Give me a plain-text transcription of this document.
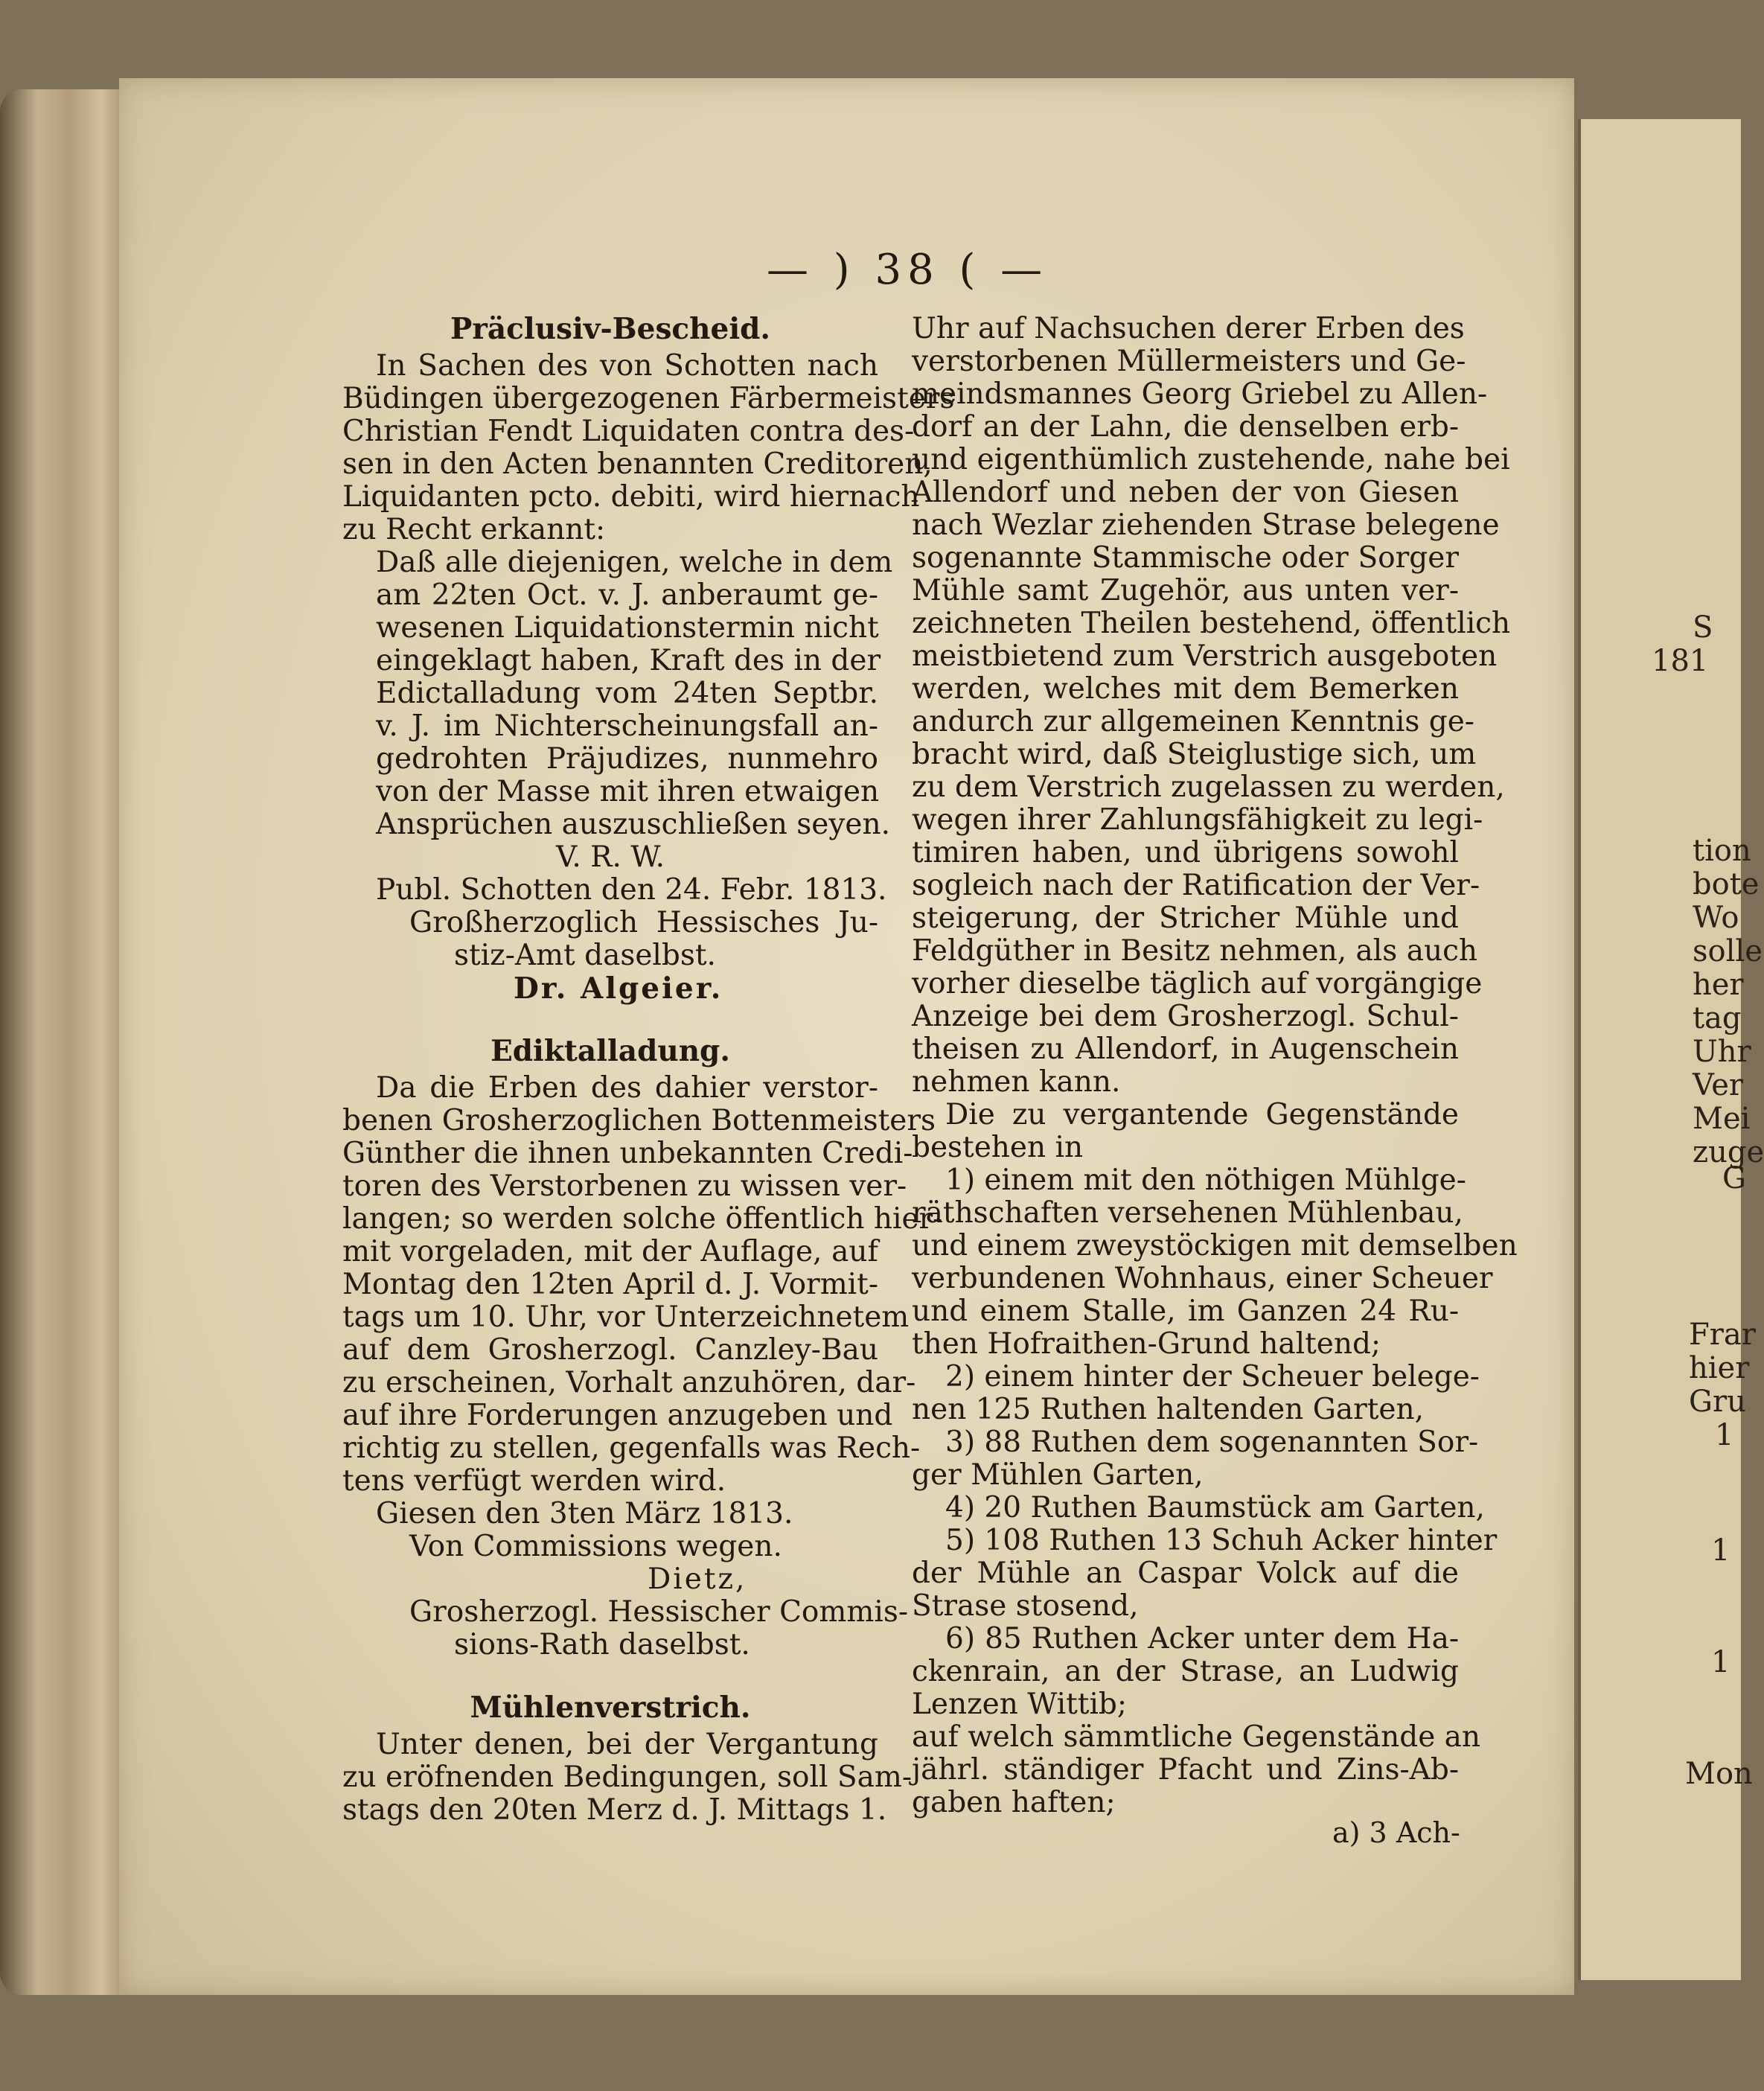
S
181
tion
bote
Wo
solle
her
tag
Uhr
Ver
Mei
zuge
G
Frar
hier
Gru
1
1
1
Mon
— ) 38 ( —
Präclusiv-Bescheid.
In Sachen des von Schotten nach
Büdingen übergezogenen Färbermeisters
Christian Fendt Liquidaten contra des-
sen in den Acten benannten Creditoren,
Liquidanten pcto. debiti, wird hiernach
zu Recht erkannt:
Daß alle diejenigen, welche in dem
am 22ten Oct. v. J. anberaumt ge-
wesenen Liquidationstermin nicht
eingeklagt haben, Kraft des in der
Edictalladung vom 24ten Septbr.
v. J. im Nichterscheinungsfall an-
gedrohten Präjudizes, nunmehro
von der Masse mit ihren etwaigen
Ansprüchen auszuschließen seyen.
V. R. W.
Publ. Schotten den 24. Febr. 1813.
Großherzoglich Hessisches Ju-
stiz-Amt daselbst.
Dr. Algeier.
Ediktalladung.
Da die Erben des dahier verstor-
benen Grosherzoglichen Bottenmeisters
Günther die ihnen unbekannten Credi-
toren des Verstorbenen zu wissen ver-
langen; so werden solche öffentlich hier-
mit vorgeladen, mit der Auflage, auf
Montag den 12ten April d. J. Vormit-
tags um 10. Uhr, vor Unterzeichnetem
auf dem Grosherzogl. Canzley-Bau
zu erscheinen, Vorhalt anzuhören, dar-
auf ihre Forderungen anzugeben und
richtig zu stellen, gegenfalls was Rech-
tens verfügt werden wird.
Giesen den 3ten März 1813.
Von Commissions wegen.
Dietz,
Grosherzogl. Hessischer Commis-
sions-Rath daselbst.
Mühlenverstrich.
Unter denen, bei der Vergantung
zu eröfnenden Bedingungen, soll Sam-
stags den 20ten Merz d. J. Mittags 1.
Uhr auf Nachsuchen derer Erben des
verstorbenen Müllermeisters und Ge-
meindsmannes Georg Griebel zu Allen-
dorf an der Lahn, die denselben erb-
und eigenthümlich zustehende, nahe bei
Allendorf und neben der von Giesen
nach Wezlar ziehenden Strase belegene
sogenannte Stammische oder Sorger
Mühle samt Zugehör, aus unten ver-
zeichneten Theilen bestehend, öffentlich
meistbietend zum Verstrich ausgeboten
werden, welches mit dem Bemerken
andurch zur allgemeinen Kenntnis ge-
bracht wird, daß Steiglustige sich, um
zu dem Verstrich zugelassen zu werden,
wegen ihrer Zahlungsfähigkeit zu legi-
timiren haben, und übrigens sowohl
sogleich nach der Ratification der Ver-
steigerung, der Stricher Mühle und
Feldgüther in Besitz nehmen, als auch
vorher dieselbe täglich auf vorgängige
Anzeige bei dem Grosherzogl. Schul-
theisen zu Allendorf, in Augenschein
nehmen kann.
Die zu vergantende Gegenstände
bestehen in
1) einem mit den nöthigen Mühlge-
räthschaften versehenen Mühlenbau,
und einem zweystöckigen mit demselben
verbundenen Wohnhaus, einer Scheuer
und einem Stalle, im Ganzen 24 Ru-
then Hofraithen-Grund haltend;
2) einem hinter der Scheuer belege-
nen 125 Ruthen haltenden Garten,
3) 88 Ruthen dem sogenannten Sor-
ger Mühlen Garten,
4) 20 Ruthen Baumstück am Garten,
5) 108 Ruthen 13 Schuh Acker hinter
der Mühle an Caspar Volck auf die
Strase stosend,
6) 85 Ruthen Acker unter dem Ha-
ckenrain, an der Strase, an Ludwig
Lenzen Wittib;
auf welch sämmtliche Gegenstände an
jährl. ständiger Pfacht und Zins-Ab-
gaben haften;
a) 3 Ach-
